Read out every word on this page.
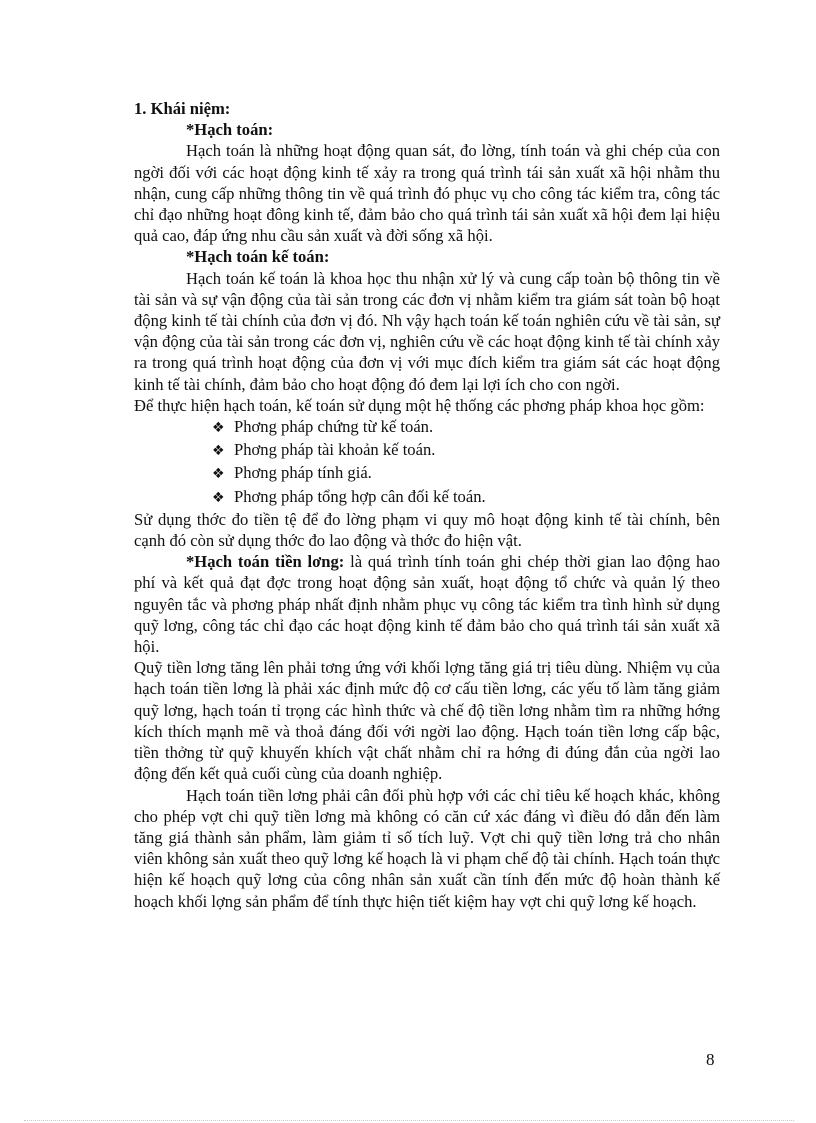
1. Khái niệm:

*Hạch toán:

Hạch toán là những hoạt động quan sát, đo lờng, tính toán và ghi chép của con ngời đối với các hoạt động kinh tế xảy ra trong quá trình tái sản xuất xã hội nhằm thu nhận, cung cấp những thông tin về quá trình đó phục vụ cho công tác kiểm tra, công tác chỉ đạo những hoạt đông kinh tế, đảm bảo cho quá trình tái sản xuất xã hội đem lại hiệu quả cao, đáp ứng nhu cầu sản xuất và đời sống xã hội.

*Hạch toán kế toán:

Hạch toán kế toán là khoa học thu nhận xử lý và cung cấp toàn bộ thông tin về tài sản và sự vận động của tài sản trong các đơn vị nhằm kiểm tra giám sát toàn bộ hoạt động kinh tế tài chính của đơn vị đó. Nh vậy hạch toán kế toán nghiên cứu về tài sản, sự vận động của tài sản trong các đơn vị, nghiên cứu về các hoạt động kinh tế tài chính xảy ra trong quá trình hoạt động của đơn vị với mục đích kiểm tra giám sát các hoạt động kinh tế tài chính, đảm bảo cho hoạt động đó đem lại lợi ích cho con ngời.

Để thực hiện hạch toán, kế toán sử dụng một hệ thống các phơng pháp khoa học gồm:

❖ Phơng pháp chứng từ kế toán.
❖ Phơng pháp tài khoản kế toán.
❖ Phơng pháp tính giá.
❖ Phơng pháp tổng hợp cân đối kế toán.

Sử dụng thớc đo tiền tệ để đo lờng phạm vi quy mô hoạt động kinh tế tài chính, bên cạnh đó còn sử dụng thớc đo lao động và thớc đo hiện vật.

*Hạch toán tiền lơng: là quá trình tính toán ghi chép thời gian lao động hao phí và kết quả đạt đợc trong hoạt động sản xuất, hoạt động tổ chức và quản lý theo nguyên tắc và phơng pháp nhất định nhằm phục vụ công tác kiểm tra tình hình sử dụng quỹ lơng, công tác chỉ đạo các hoạt động kinh tế đảm bảo cho quá trình tái sản xuất xã hội.

Quỹ tiền lơng tăng lên phải tơng ứng với khối lợng tăng giá trị tiêu dùng. Nhiệm vụ của hạch toán tiền lơng là phải xác định mức độ cơ cấu tiền lơng, các yếu tố làm tăng giảm quỹ lơng, hạch toán tỉ trọng các hình thức và chế độ tiền lơng nhằm tìm ra những hớng kích thích mạnh mẽ và thoả đáng đối với ngời lao động. Hạch toán tiền lơng cấp bậc, tiền thởng từ quỹ khuyến khích vật chất nhằm chỉ ra hớng đi đúng đắn của ngời lao động đến kết quả cuối cùng của doanh nghiệp.

Hạch toán tiền lơng phải cân đối phù hợp với các chỉ tiêu kế hoạch khác, không cho phép vợt chi quỹ tiền lơng mà không có căn cứ xác đáng vì điều đó dẫn đến làm tăng giá thành sản phẩm, làm giảm tỉ số tích luỹ. Vợt chi quỹ tiền lơng trả cho nhân viên không sản xuất theo quỹ lơng kế hoạch là vi phạm chế độ tài chính. Hạch toán thực hiện kế hoạch quỹ lơng của công nhân sản xuất cần tính đến mức độ hoàn thành kế hoạch khối lợng sản phẩm để tính thực hiện tiết kiệm hay vợt chi quỹ lơng kế hoạch.

8
